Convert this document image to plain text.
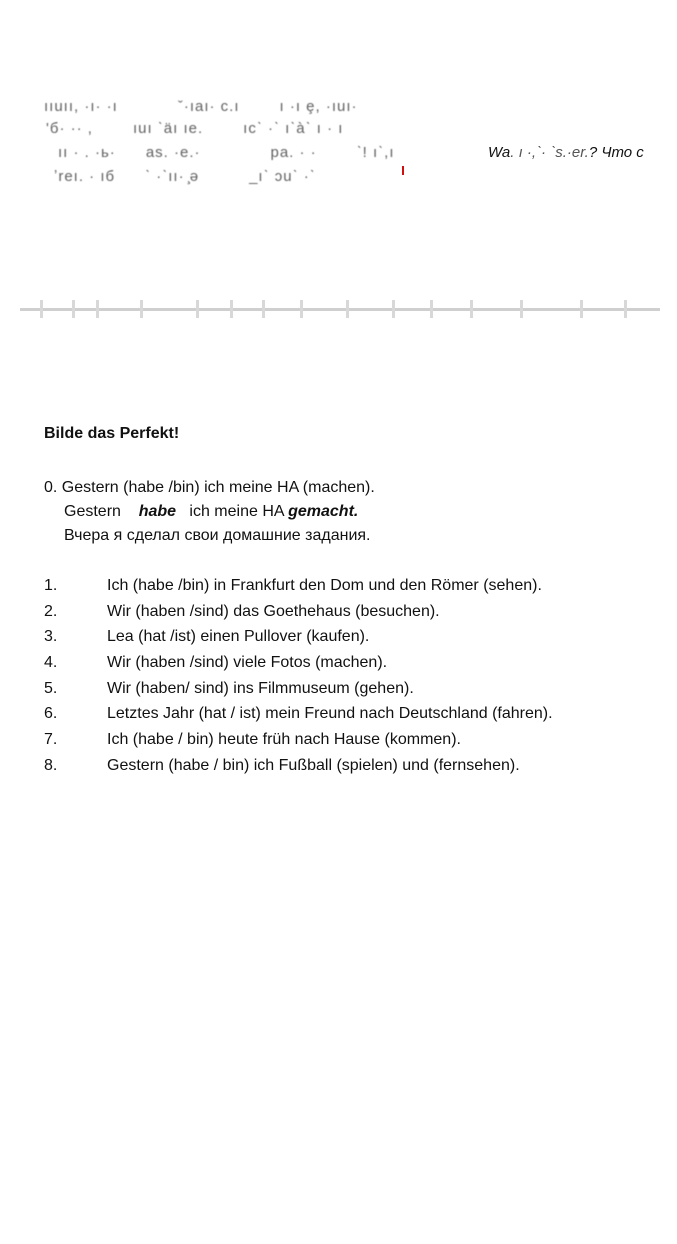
ııuıı, ·ı· ·ı	ˇ·ıaı· c.ı	ı ·ı ȩ, ·ıuı·
'б· ·· ,	ıuı ˋäı ıe.	ıcˋ ·ˋ ıˋàˋ ı · ı
ıı · . ·ь· as. ·e.·	pa. · ·	ˋ! ıˋ,ı	Wa. ı ·,ˋ· ˋs.·er.? Что с
ʼreı. · ıб ˋ ·ˋıı· ̧ə	_ıˋ ɔuˋ ·ˋ
Bilde das Perfekt!
0. Gestern (habe /bin) ich meine HA (machen).
Gestern habe ich meine HA gemacht.
Вчера я сделал свои домашние задания.
1.	Ich (habe /bin) in Frankfurt den Dom und den Römer (sehen).
2.	Wir (haben /sind) das Goethehaus (besuchen).
3.	Lea (hat /ist) einen Pullover (kaufen).
4.	Wir (haben /sind) viele Fotos (machen).
5.	Wir (haben/ sind) ins Filmmuseum (gehen).
6.	Letztes Jahr (hat / ist) mein Freund nach Deutschland (fahren).
7.	Ich (habe / bin) heute früh nach Hause (kommen).
8.	Gestern (habe / bin) ich Fußball (spielen) und (fernsehen).
